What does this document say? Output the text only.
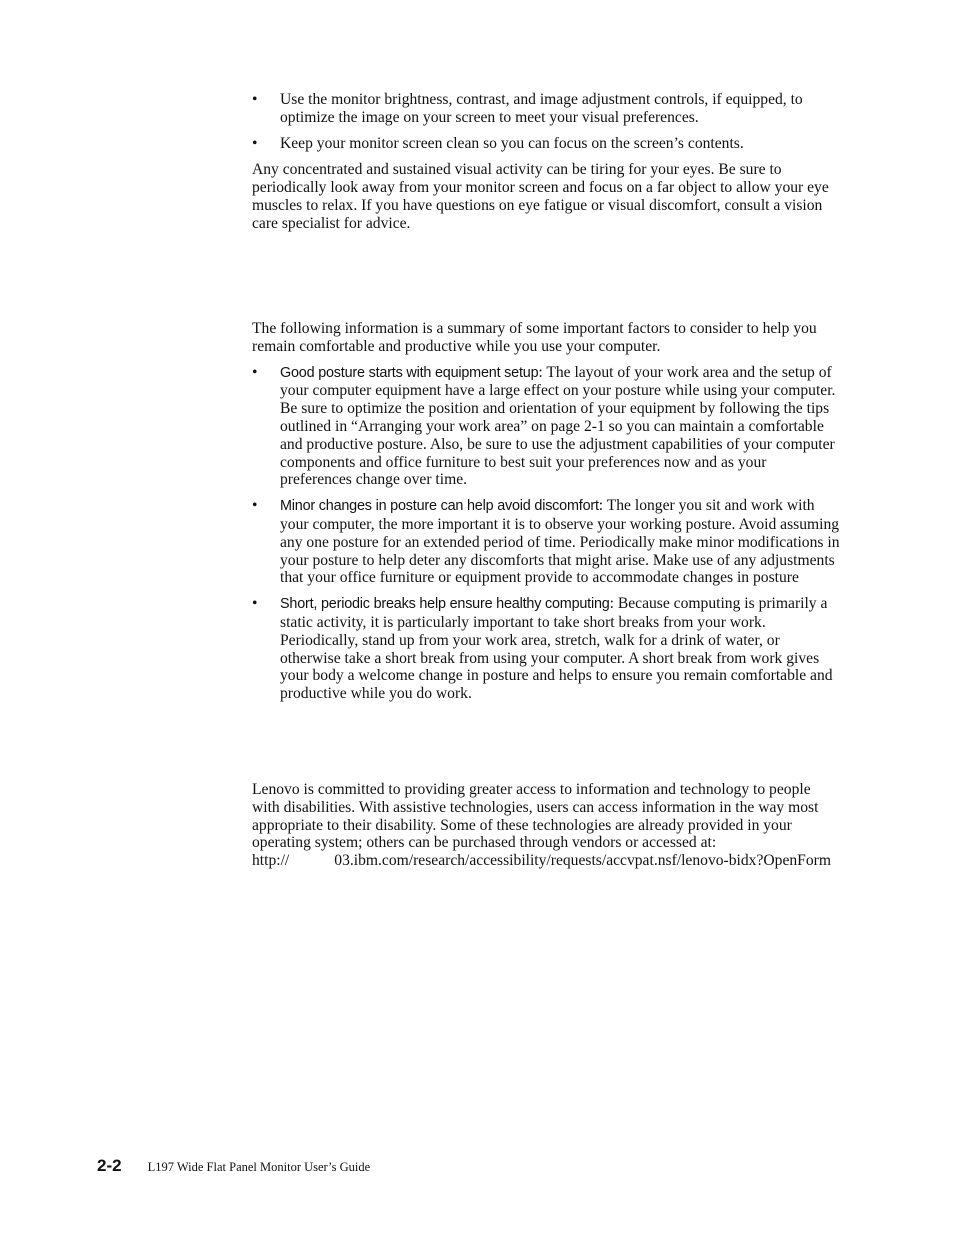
•	Use the monitor brightness, contrast, and image adjustment controls, if equipped, to optimize the image on your screen to meet your visual preferences.
•	Keep your monitor screen clean so you can focus on the screen’s contents.

Any concentrated and sustained visual activity can be tiring for your eyes. Be sure to periodically look away from your monitor screen and focus on a far object to allow your eye muscles to relax. If you have questions on eye fatigue or visual discomfort, consult a vision care specialist for advice.

The following information is a summary of some important factors to consider to help you remain comfortable and productive while you use your computer.

•	Good posture starts with equipment setup: The layout of your work area and the setup of your computer equipment have a large effect on your posture while using your computer. Be sure to optimize the position and orientation of your equipment by following the tips outlined in “Arranging your work area” on page 2-1 so you can maintain a comfortable and productive posture. Also, be sure to use the adjustment capabilities of your computer components and office furniture to best suit your preferences now and as your preferences change over time.
•	Minor changes in posture can help avoid discomfort: The longer you sit and work with your computer, the more important it is to observe your working posture. Avoid assuming any one posture for an extended period of time. Periodically make minor modifications in your posture to help deter any discomforts that might arise. Make use of any adjustments that your office furniture or equipment provide to accommodate changes in posture
•	Short, periodic breaks help ensure healthy computing: Because computing is primarily a static activity, it is particularly important to take short breaks from your work. Periodically, stand up from your work area, stretch, walk for a drink of water, or otherwise take a short break from using your computer. A short break from work gives your body a welcome change in posture and helps to ensure you remain comfortable and productive while you do work.

Lenovo is committed to providing greater access to information and technology to people with disabilities. With assistive technologies, users can access information in the way most appropriate to their disability. Some of these technologies are already provided in your operating system; others can be purchased through vendors or accessed at:

http://	03.ibm.com/research/accessibility/requests/accvpat.nsf/lenovo-bidx?OpenForm

2-2 L197 Wide Flat Panel Monitor User’s Guide
